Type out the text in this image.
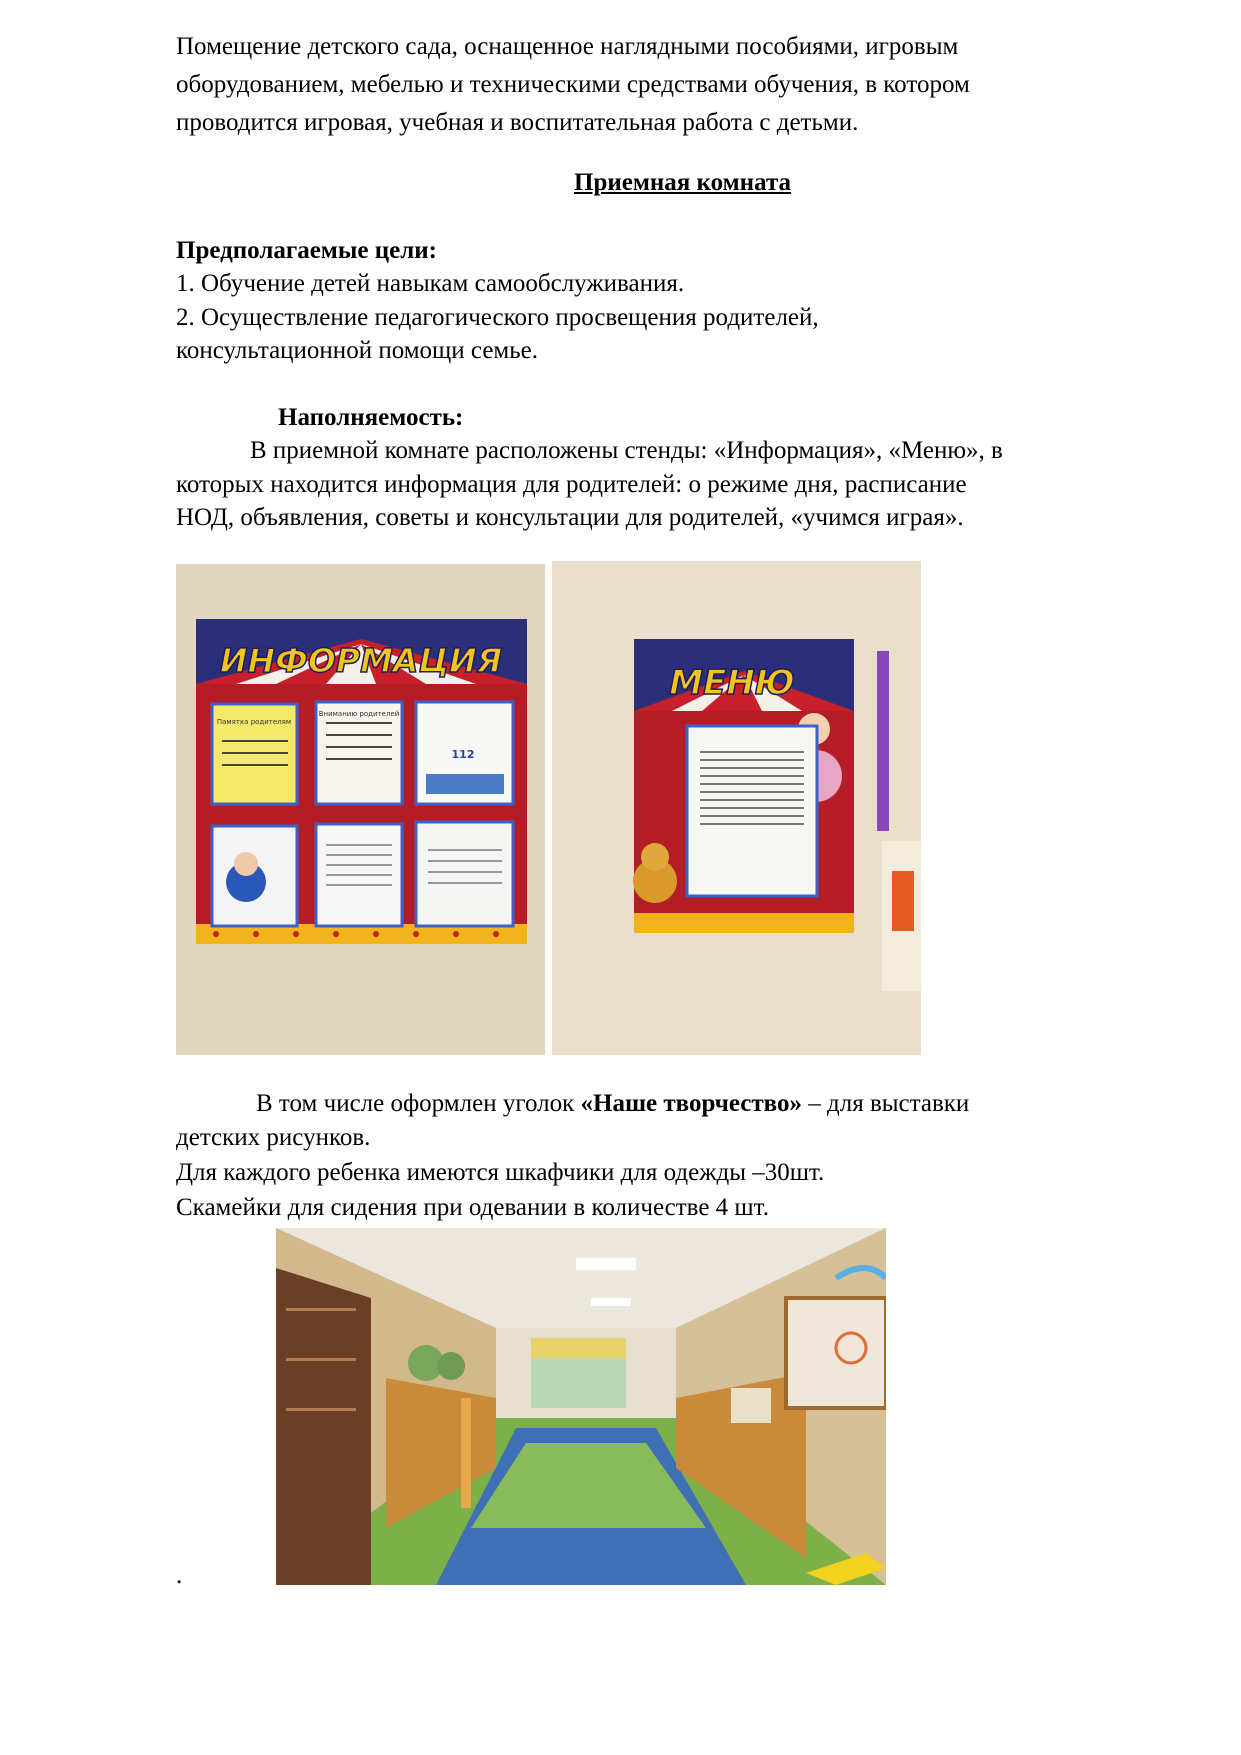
Помещение детского сада, оснащенное наглядными пособиями, игровым
оборудованием, мебелью и техническими средствами обучения, в котором
проводится игровая, учебная и воспитательная работа с детьми.
Приемная комната
Предполагаемые цели:
1. Обучение детей навыкам самообслуживания.
2. Осуществление педагогического просвещения родителей,
консультационной помощи семье.
Наполняемость:
В приемной комнате расположены стенды: «Информация», «Меню», в
которых находится информация для родителей: о режиме дня, расписание
НОД, объявления, советы и консультации для родителей, «учимся играя».
112
Памятка родителям
Вниманию родителей
ИНФОРМАЦИЯ
МЕНЮ
В том числе оформлен уголок «Наше творчество» – для выставки
детских рисунков.
Для каждого ребенка имеются шкафчики для одежды –30шт.
Скамейки для сидения при одевании в количестве 4 шт.
.
